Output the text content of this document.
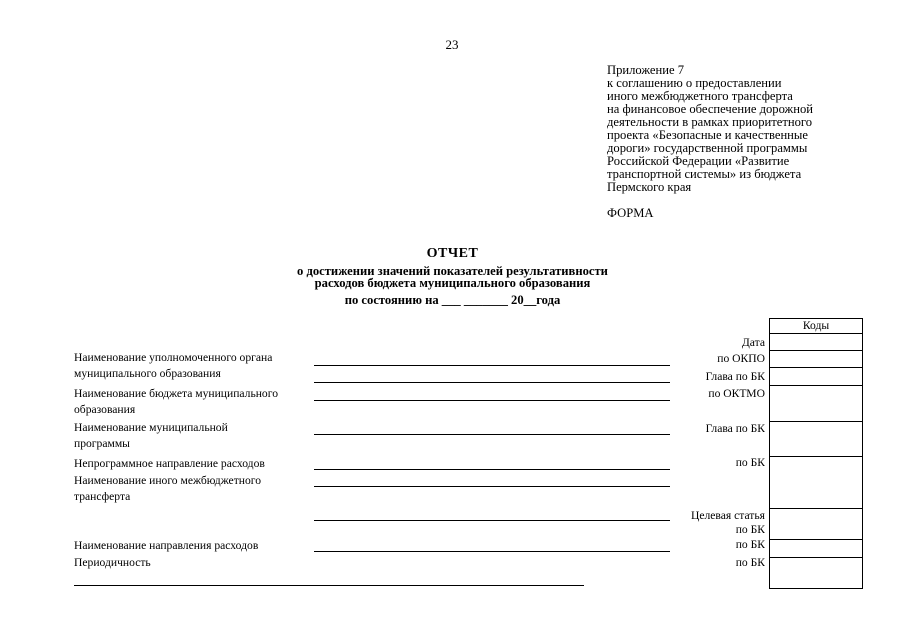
23
Приложение 7
к соглашению о предоставлении
иного межбюджетного трансферта
на финансовое обеспечение дорожной
деятельности в рамках приоритетного
проекта «Безопасные и качественные
дороги» государственной программы
Российской Федерации «Развитие
транспортной системы» из бюджета
Пермского края
ФОРМА
ОТЧЕТ
о достижении значений показателей результативности
расходов бюджета муниципального образования
по состоянию на ___ _______ 20__года
Наименование уполномоченного органа
муниципального образования
Наименование бюджета муниципального
образования
Наименование муниципальной
программы
Непрограммное направление расходов
Наименование иного межбюджетного
трансферта
Наименование направления расходов
Периодичность
Дата
по ОКПО
Глава по БК
по ОКТМО
Глава по БК
по БК
Целевая статья
по БК
по БК
по БК
Коды
